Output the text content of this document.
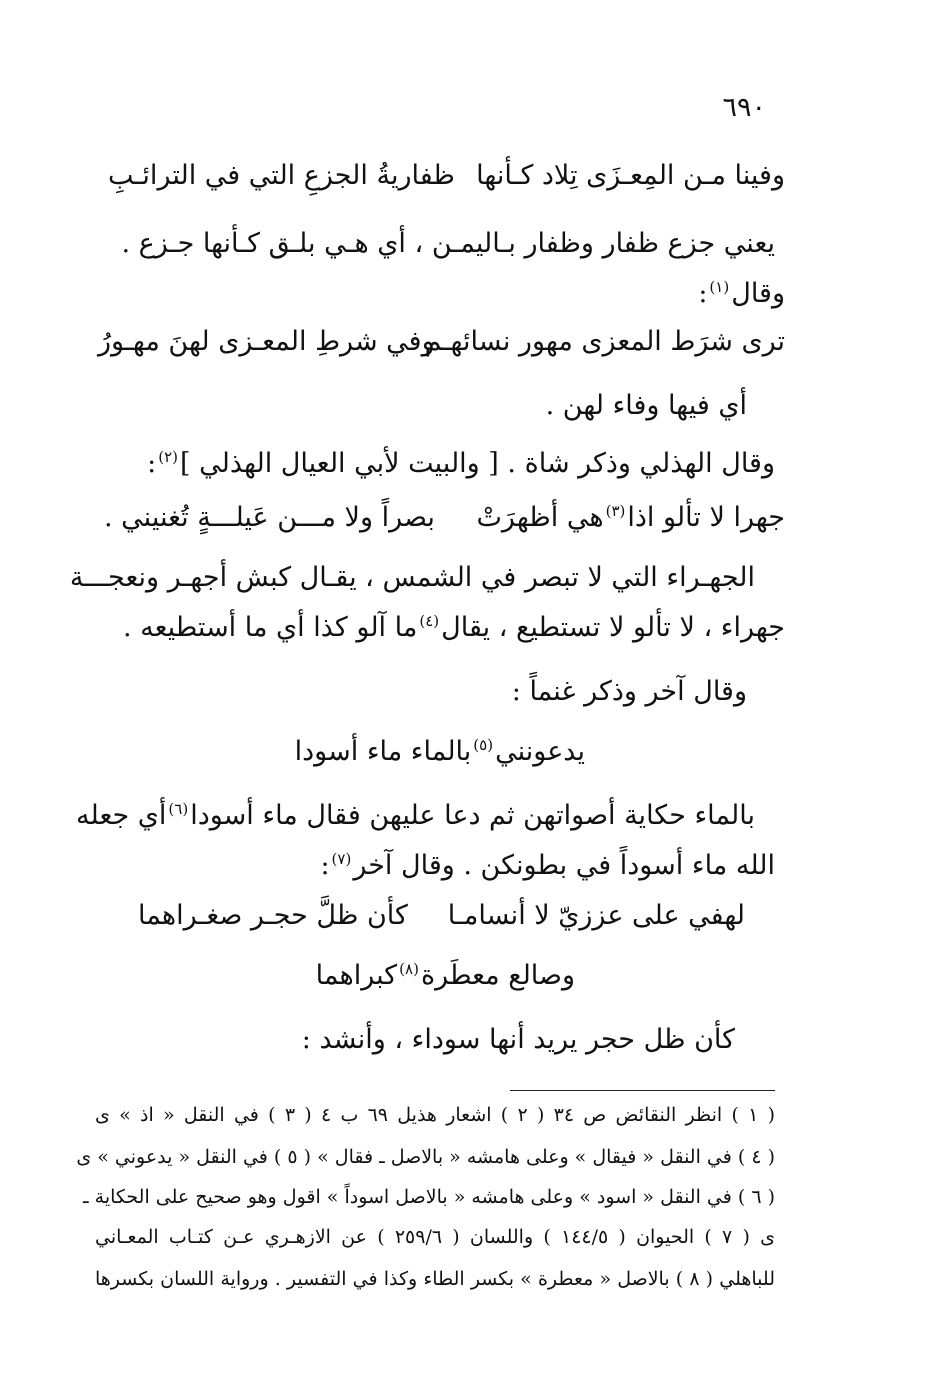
٦٩٠
وفينا مـن المِعـزَى تِلاد كـأنها
ظفاريةُ الجزعِ التي في الترائـبِ
يعني جزع ظفار وظفار بـاليمـن ، أي هـي بلـق كـأنها جـزع .
وقال$^{(١)}$:
ترى شرَط المعزى مهور نسائهـم
وفي شرطِ المعـزى لهنَ مهـورُ
أي فيها وفاء لهن .
وقال الهذلي وذكر شاة . [ والبيت لأبي العيال الهذلي ]$^{(٢)}$:
جهرا لا تألو اذا$^{(٣)}$هي أظهرَتْ
بصراً ولا مـــن عَيلـــةٍ تُغنيني .
الجهـراء التي لا تبصر في الشمس ، يقـال كبش أجهـر ونعجـــة
جهراء ، لا تألو لا تستطيع ، يقال$^{(٤)}$ما آلو كذا أي ما أستطيعه .
وقال آخر وذكر غنماً :
يدعونني$^{(٥)}$بالماء ماء أسودا
بالماء حكاية أصواتهن ثم دعا عليهن فقال ماء أسودا$^{(٦)}$أي جعله
الله ماء أسوداً في بطونكن . وقال آخر$^{(٧)}$:
لهفي على عززيّ لا أنسامـا
كأن ظلَّ حجـر صغـراهما
وصالع معطَرة$^{(٨)}$كبراهما
كأن ظل حجر يريد أنها سوداء ، وأنشد :
( ١ ) انظر النقائض ص ٣٤ ( ٢ ) اشعار هذيل ٦٩ ب ٤ ( ٣ ) في النقل « اذ » ى
( ٤ ) في النقل « فيقال » وعلى هامشه « بالاصل ـ فقال » ( ٥ ) في النقل « يدعوني » ى
( ٦ ) في النقل « اسود » وعلى هامشه « بالاصل اسوداً » اقول وهو صحيح على الحكاية ـ
ى ( ٧ ) الحيوان ( ١٤٤/٥ ) واللسان ( ٢٥٩/٦ ) عن الازهـري عـن كتـاب المعـاني
للباهلي ( ٨ ) بالاصل « معطرة » بكسر الطاء وكذا في التفسير . ورواية اللسان بكسرها
